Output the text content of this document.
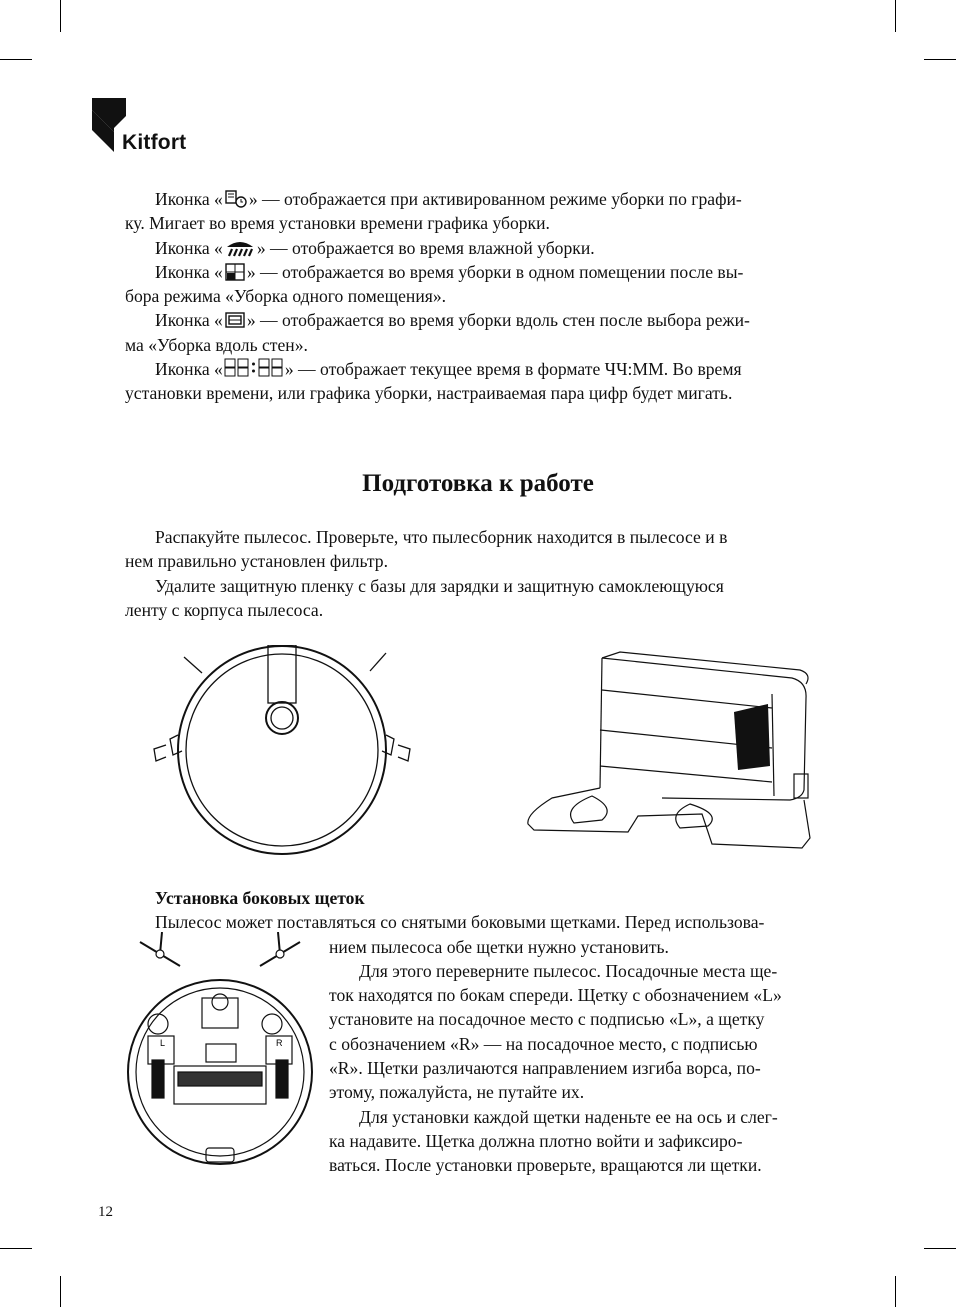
Kitfort

Иконка « » — отображается при активированном режиме уборки по графи-

ку. Мигает во время установки времени графика уборки.

Иконка « » — отображается во время влажной уборки.

Иконка « » — отображается во время уборки в одном помещении после вы-

бора режима «Уборка одного помещения».

Иконка « » — отображается во время уборки вдоль стен после выбора режи-

ма «Уборка вдоль стен».

Иконка «	» — отображает текущее время в формате ЧЧ:ММ. Во время

установки времени, или графика уборки, настраиваемая пара цифр будет мигать.

Подготовка к работе

Распакуйте пылесос. Проверьте, что пылесборник находится в пылесосе и в

нем правильно установлен фильтр.

Удалите защитную пленку с базы для зарядки и защитную самоклеющуюся

ленту с корпуса пылесоса.

Установка боковых щеток

Пылесос может поставляться со снятыми боковыми щетками. Перед использова-

нием пылесоса обе щетки нужно установить.

Для этого переверните пылесос. Посадочные места ще-

ток находятся по бокам спереди. Щетку с обозначением «L»

установите на посадочное место с подписью «L», а щетку

с обозначением «R» — на посадочное место, с подписью

«R». Щетки различаются направлением изгиба ворса, по-

этому, пожалуйста, не путайте их.

Для установки каждой щетки наденьте ее на ось и слег-

ка надавите. Щетка должна плотно войти и зафиксиро-

ваться. После установки проверьте, вращаются ли щетки.

L	R
12
